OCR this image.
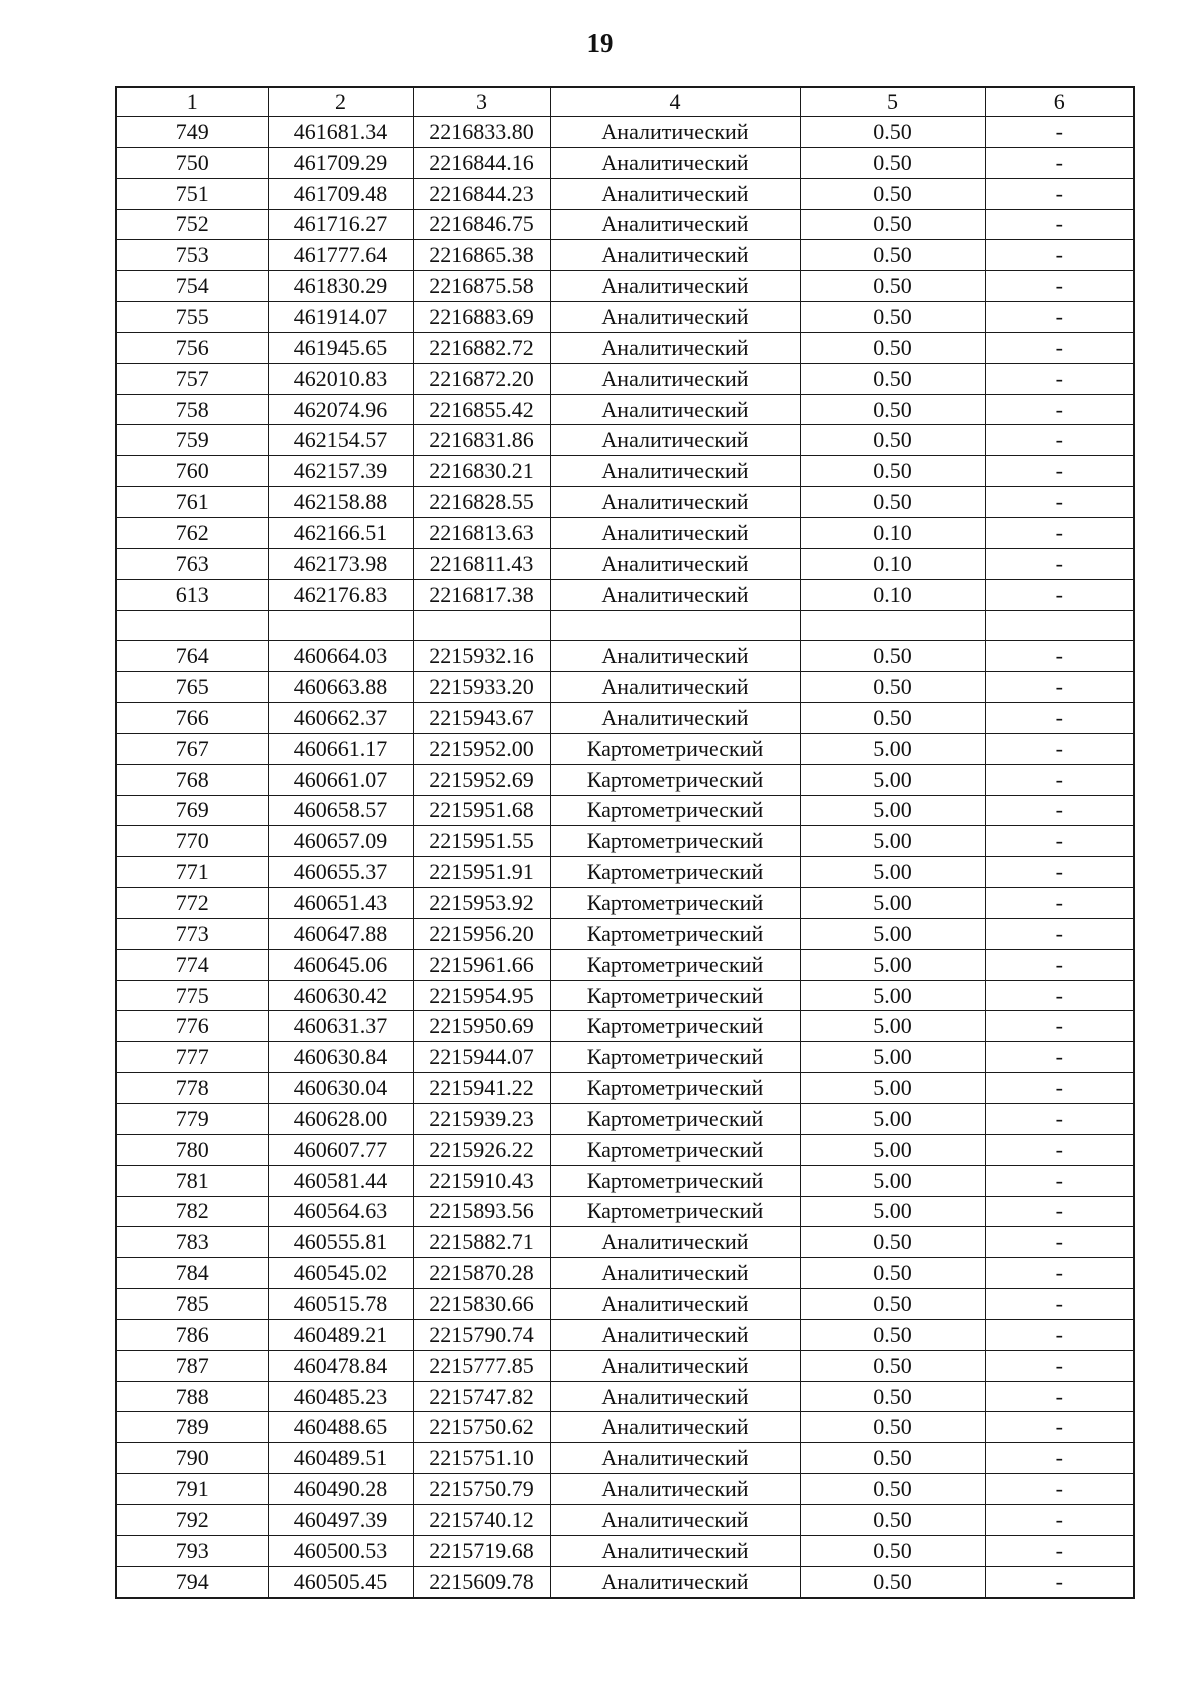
19
1	2	3	4	5	6
749	461681.34	2216833.80	Аналитический	0.50	-
750	461709.29	2216844.16	Аналитический	0.50	-
751	461709.48	2216844.23	Аналитический	0.50	-
752	461716.27	2216846.75	Аналитический	0.50	-
753	461777.64	2216865.38	Аналитический	0.50	-
754	461830.29	2216875.58	Аналитический	0.50	-
755	461914.07	2216883.69	Аналитический	0.50	-
756	461945.65	2216882.72	Аналитический	0.50	-
757	462010.83	2216872.20	Аналитический	0.50	-
758	462074.96	2216855.42	Аналитический	0.50	-
759	462154.57	2216831.86	Аналитический	0.50	-
760	462157.39	2216830.21	Аналитический	0.50	-
761	462158.88	2216828.55	Аналитический	0.50	-
762	462166.51	2216813.63	Аналитический	0.10	-
763	462173.98	2216811.43	Аналитический	0.10	-
613	462176.83	2216817.38	Аналитический	0.10	-

764	460664.03	2215932.16	Аналитический	0.50	-
765	460663.88	2215933.20	Аналитический	0.50	-
766	460662.37	2215943.67	Аналитический	0.50	-
767	460661.17	2215952.00	Картометрический	5.00	-
768	460661.07	2215952.69	Картометрический	5.00	-
769	460658.57	2215951.68	Картометрический	5.00	-
770	460657.09	2215951.55	Картометрический	5.00	-
771	460655.37	2215951.91	Картометрический	5.00	-
772	460651.43	2215953.92	Картометрический	5.00	-
773	460647.88	2215956.20	Картометрический	5.00	-
774	460645.06	2215961.66	Картометрический	5.00	-
775	460630.42	2215954.95	Картометрический	5.00	-
776	460631.37	2215950.69	Картометрический	5.00	-
777	460630.84	2215944.07	Картометрический	5.00	-
778	460630.04	2215941.22	Картометрический	5.00	-
779	460628.00	2215939.23	Картометрический	5.00	-
780	460607.77	2215926.22	Картометрический	5.00	-
781	460581.44	2215910.43	Картометрический	5.00	-
782	460564.63	2215893.56	Картометрический	5.00	-
783	460555.81	2215882.71	Аналитический	0.50	-
784	460545.02	2215870.28	Аналитический	0.50	-
785	460515.78	2215830.66	Аналитический	0.50	-
786	460489.21	2215790.74	Аналитический	0.50	-
787	460478.84	2215777.85	Аналитический	0.50	-
788	460485.23	2215747.82	Аналитический	0.50	-
789	460488.65	2215750.62	Аналитический	0.50	-
790	460489.51	2215751.10	Аналитический	0.50	-
791	460490.28	2215750.79	Аналитический	0.50	-
792	460497.39	2215740.12	Аналитический	0.50	-
793	460500.53	2215719.68	Аналитический	0.50	-
794	460505.45	2215609.78	Аналитический	0.50	-
